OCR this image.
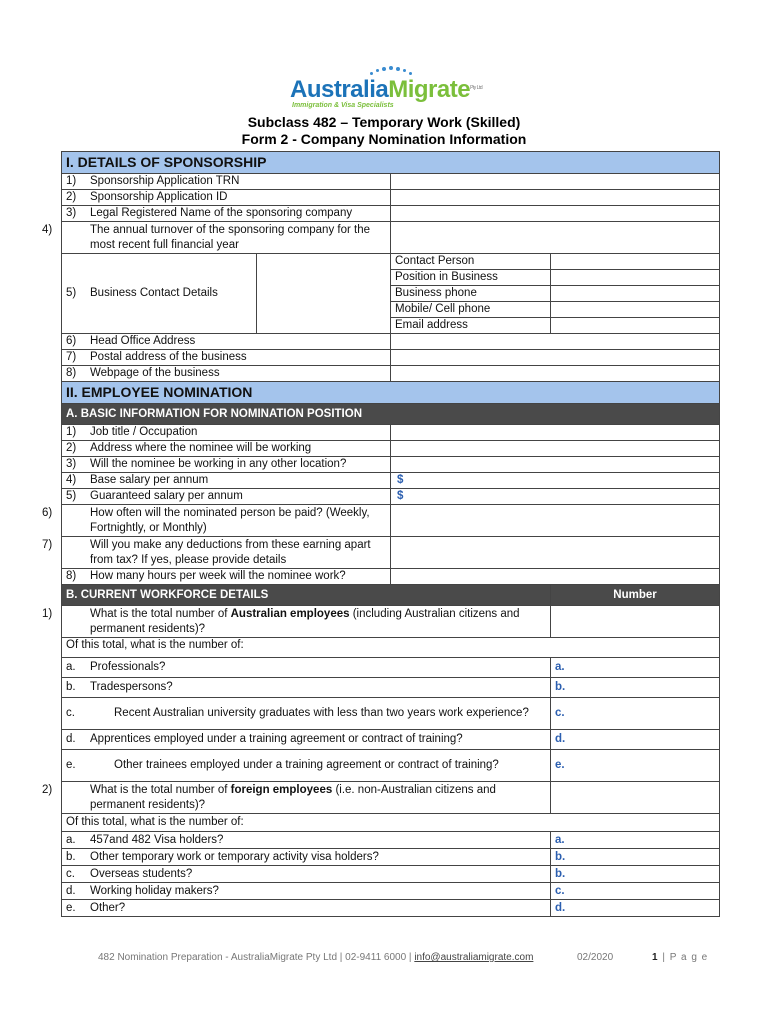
AustraliaMigrate$^{Pty Ltd}$
Immigration & Visa Specialists
Subclass 482 – Temporary Work (Skilled)
Form 2 - Company Nomination Information
I. DETAILS OF SPONSORSHIP			
1) Sponsorship Application TRN			
2) Sponsorship Application ID			
3) Legal Registered Name of the sponsoring company			
4) The annual turnover of the sponsoring company for the most recent full financial year			
5) Business Contact Details		Contact Person	
		Position in Business	
		Business phone	
		Mobile/ Cell phone	
		Email address	
6) Head Office Address			
7) Postal address of the business			
8) Webpage of the business			
II. EMPLOYEE NOMINATION			
A. BASIC INFORMATION FOR NOMINATION POSITION			
1) Job title / Occupation			
2) Address where the nominee will be working			
3) Will the nominee be working in any other location?			
4) Base salary per annum		$	
5) Guaranteed salary per annum		$	
6) How often will the nominated person be paid? (Weekly, Fortnightly, or Monthly)			
7) Will you make any deductions from these earning apart from tax? If yes, please provide details			
8) How many hours per week will the nominee work?			
B. CURRENT WORKFORCE DETAILS			Number
1) What is the total number of Australian employees (including Australian citizens and permanent residents)?			
Of this total, what is the number of:			
a. Professionals?			a.
b. Tradespersons?			b.
c. Recent Australian university graduates with less than two years work experience?			c.
d. Apprentices employed under a training agreement or contract of training?			d.
e. Other trainees employed under a training agreement or contract of training?			e.
2) What is the total number of foreign employees (i.e. non-Australian citizens and permanent residents)?			
Of this total, what is the number of:			
a. 457and 482 Visa holders?			a.
b. Other temporary work or temporary activity visa holders?			b.
c. Overseas students?			b.
d. Working holiday makers?			c.
e. Other?			d.
482 Nomination Preparation - AustraliaMigrate Pty Ltd | 02-9411 6000 | info@australiamigrate.com	02/2020	1 | P a g e
